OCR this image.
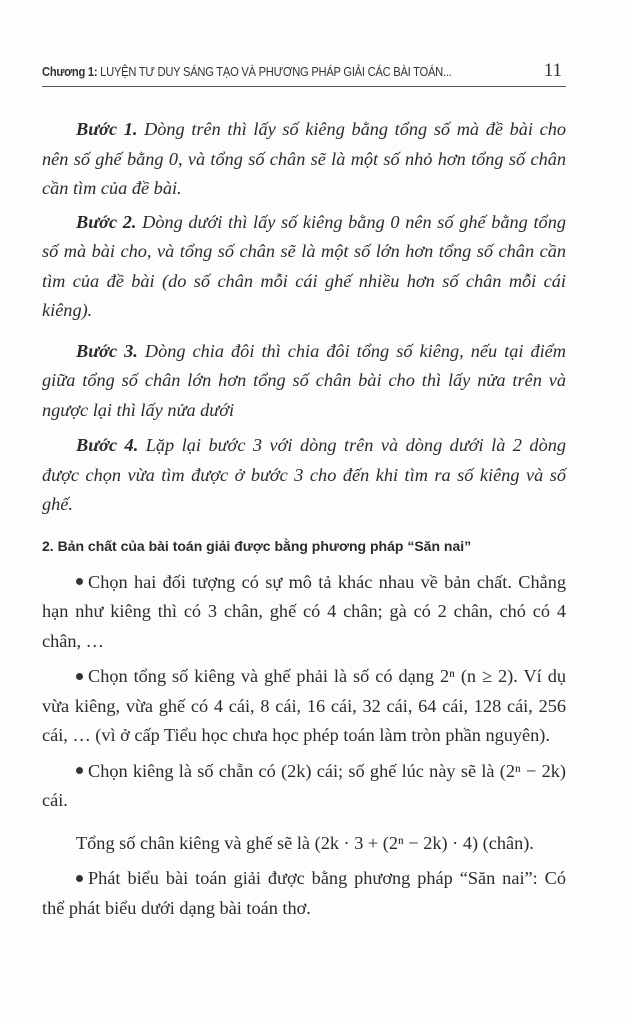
Chương 1: LUYỆN TƯ DUY SÁNG TẠO VÀ PHƯƠNG PHÁP GIẢI CÁC BÀI TOÁN...	11

Bước 1. Dòng trên thì lấy số kiêng bằng tổng số mà đề bài cho nên số ghế bằng 0, và tổng số chân sẽ là một số nhỏ hơn tổng số chân cần tìm của đề bài.

Bước 2. Dòng dưới thì lấy số kiêng bằng 0 nên số ghế bằng tổng số mà bài cho, và tổng số chân sẽ là một số lớn hơn tổng số chân cần tìm của đề bài (do số chân mỗi cái ghế nhiều hơn số chân mỗi cái kiêng).

Bước 3. Dòng chia đôi thì chia đôi tổng số kiêng, nếu tại điểm giữa tổng số chân lớn hơn tổng số chân bài cho thì lấy nửa trên và ngược lại thì lấy nửa dưới

Bước 4. Lặp lại bước 3 với dòng trên và dòng dưới là 2 dòng được chọn vừa tìm được ở bước 3 cho đến khi tìm ra số kiêng và số ghế.

2. Bản chất của bài toán giải được bằng phương pháp “Săn nai”

Chọn hai đối tượng có sự mô tả khác nhau về bản chất. Chẳng hạn như kiêng thì có 3 chân, ghế có 4 chân; gà có 2 chân, chó có 4 chân, …

Chọn tổng số kiêng và ghế phải là số có dạng 2ⁿ (n ≥ 2). Ví dụ vừa kiêng, vừa ghế có 4 cái, 8 cái, 16 cái, 32 cái, 64 cái, 128 cái, 256 cái, … (vì ở cấp Tiểu học chưa học phép toán làm tròn phần nguyên).

Chọn kiêng là số chẵn có (2k) cái; số ghế lúc này sẽ là (2ⁿ − 2k) cái.

Tổng số chân kiêng và ghế sẽ là (2k · 3 + (2ⁿ − 2k) · 4) (chân).

Phát biểu bài toán giải được bằng phương pháp “Săn nai”: Có thể phát biểu dưới dạng bài toán thơ.
